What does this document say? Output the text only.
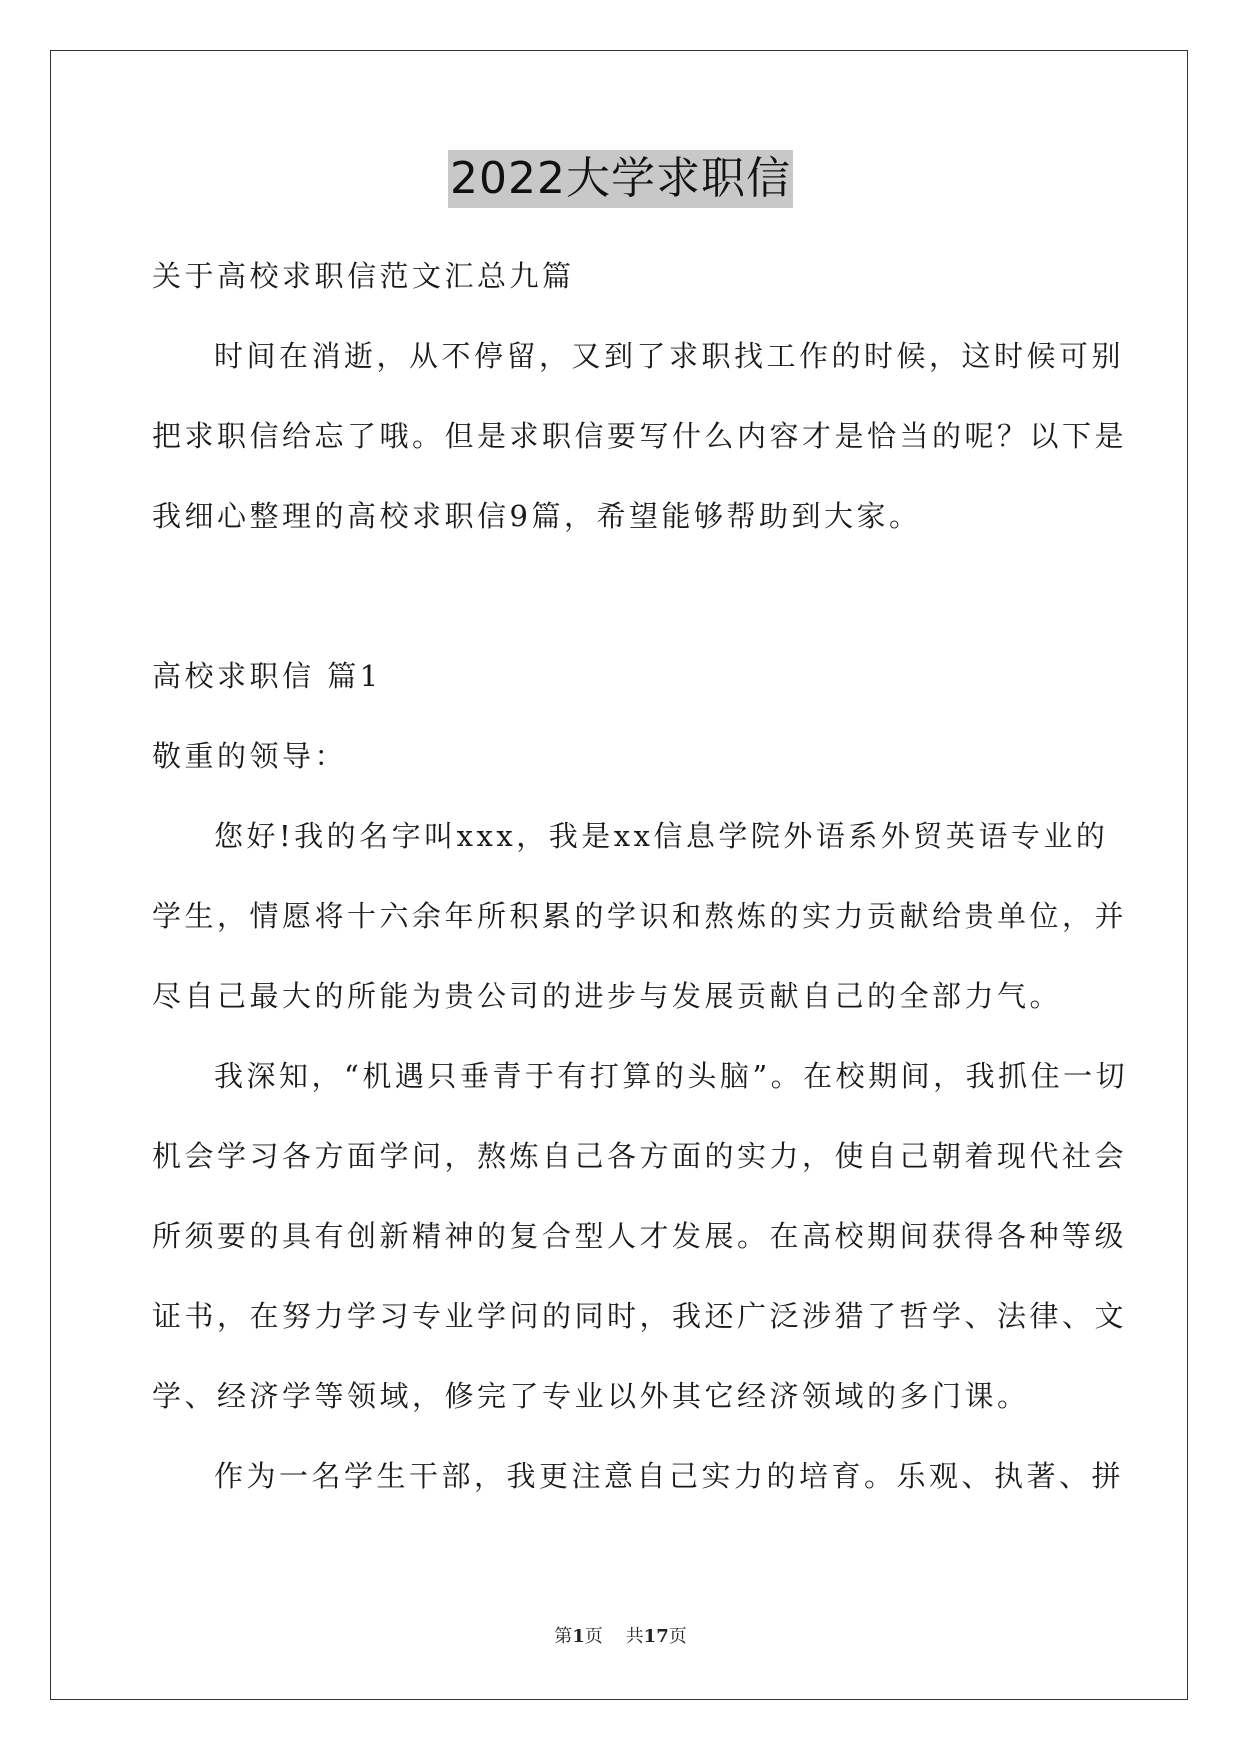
2022大学求职信
关于高校求职信范文汇总九篇
时间在消逝，从不停留，又到了求职找工作的时候，这时候可别
把求职信给忘了哦。但是求职信要写什么内容才是恰当的呢？以下是
我细心整理的高校求职信9篇，希望能够帮助到大家。
高校求职信 篇1
敬重的领导：
您好!我的名字叫xxx，我是xx信息学院外语系外贸英语专业的
学生，情愿将十六余年所积累的学识和熬炼的实力贡献给贵单位，并
尽自己最大的所能为贵公司的进步与发展贡献自己的全部力气。
我深知，“机遇只垂青于有打算的头脑”。在校期间，我抓住一切
机会学习各方面学问，熬炼自己各方面的实力，使自己朝着现代社会
所须要的具有创新精神的复合型人才发展。在高校期间获得各种等级
证书，在努力学习专业学问的同时，我还广泛涉猎了哲学、法律、文
学、经济学等领域，修完了专业以外其它经济领域的多门课。
作为一名学生干部，我更注意自己实力的培育。乐观、执著、拼
第1页 共17页
